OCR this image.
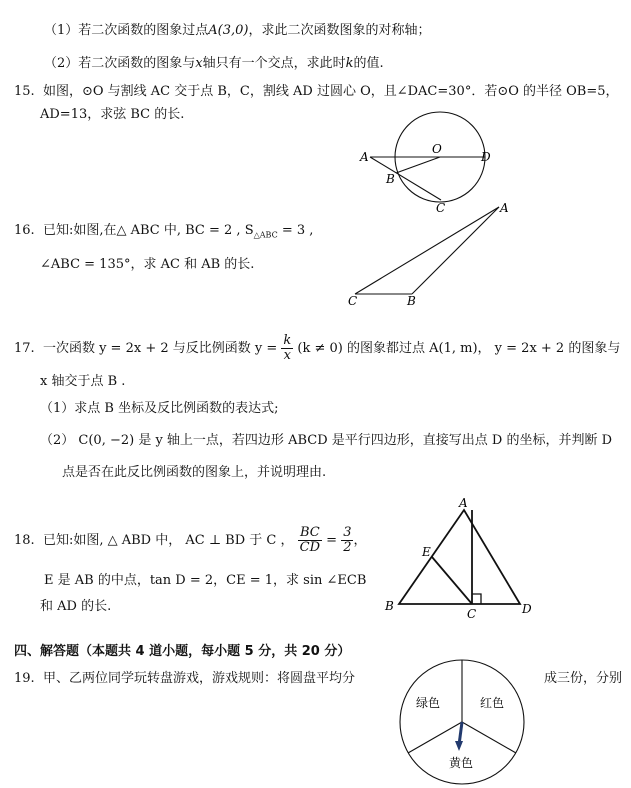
（1）若二次函数的图象过点A(3,0)，求此二次函数图象的对称轴；
（2）若二次函数的图象与x轴只有一个交点，求此时k的值.
15. 如图，⊙O 与割线 AC 交于点 B，C，割线 AD 过圆心 O，且∠DAC=30°．若⊙O 的半径 OB=5，
AD=13，求弦 BC 的长.
A
O
D
B
C	A
C	B
A
E
B
C	D
绿色	红色
黄色
16. 已知:如图,在△ ABC 中, BC = 2 , $S_{\triangle ABC} = 3$ ,
∠ABC = 135°，求 AC 和 AB 的长.
17. 一次函数 y = 2x + 2 与反比例函数 $y = \frac{k}{x} (k \ne 0)$ 的图象都过点 A(1, m)， y = 2x + 2 的图象与
x 轴交于点 B .
（1）求点 B 坐标及反比例函数的表达式;
（2） C(0, −2) 是 y 轴上一点，若四边形 ABCD 是平行四边形，直接写出点 D 的坐标，并判断 D
点是否在此反比例函数的图象上，并说明理由.
18. 已知:如图, △ ABD 中， AC ⊥ BD 于 C ， $\frac{BC}{CD} = \frac{3}{2}$ ，
E 是 AB 的中点，tan D = 2，CE = 1，求 sin ∠ECB
和 AD 的长.
四、解答题（本题共 4 道小题，每小题 5 分，共 20 分）
19. 甲、乙两位同学玩转盘游戏，游戏规则：将圆盘平均分	成三份，分别
